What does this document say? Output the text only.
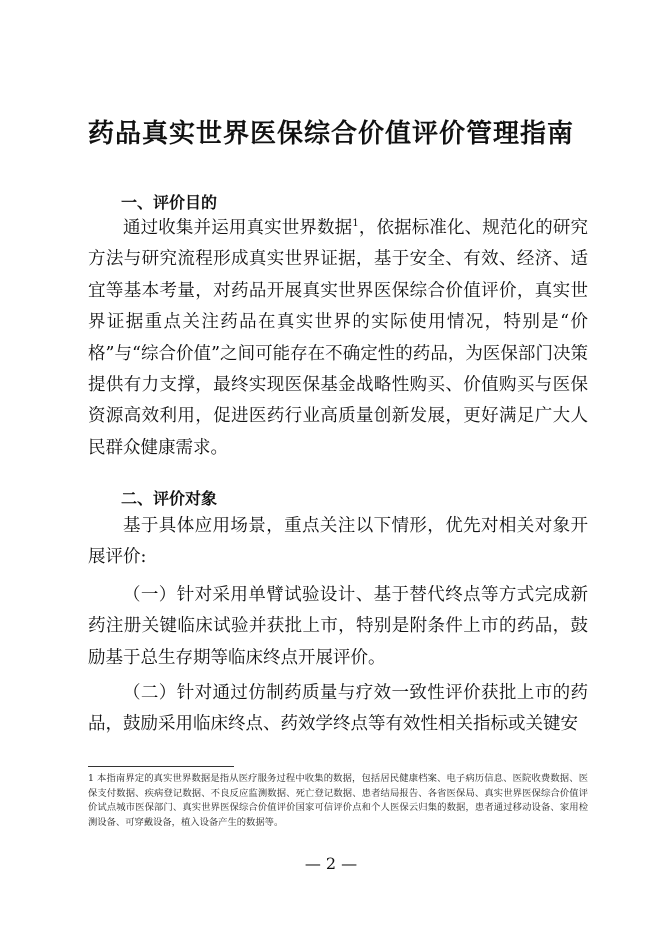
药品真实世界医保综合价值评价管理指南
一、评价目的

通过收集并运用真实世界数据$^1$，依据标准化、规范化的研究方法与研究流程形成真实世界证据，基于安全、有效、经济、适宜等基本考量，对药品开展真实世界医保综合价值评价，真实世界证据重点关注药品在真实世界的实际使用情况，特别是“价格”与“综合价值”之间可能存在不确定性的药品，为医保部门决策提供有力支撑，最终实现医保基金战略性购买、价值购买与医保资源高效利用，促进医药行业高质量创新发展，更好满足广大人民群众健康需求。

二、评价对象

基于具体应用场景，重点关注以下情形，优先对相关对象开展评价:

（一）针对采用单臂试验设计、基于替代终点等方式完成新药注册关键临床试验并获批上市，特别是附条件上市的药品，鼓励基于总生存期等临床终点开展评价。

（二）针对通过仿制药质量与疗效一致性评价获批上市的药品，鼓励采用临床终点、药效学终点等有效性相关指标或关键安

1 本指南界定的真实世界数据是指从医疗服务过程中收集的数据，包括居民健康档案、电子病历信息、医院收费数据、医保支付数据、疾病登记数据、不良反应监测数据、死亡登记数据、患者结局报告、各省医保局、真实世界医保综合价值评价试点城市医保部门、真实世界医保综合价值评价国家可信评价点和个人医保云归集的数据，患者通过移动设备、家用检测设备、可穿戴设备，植入设备产生的数据等。

— 2 —
